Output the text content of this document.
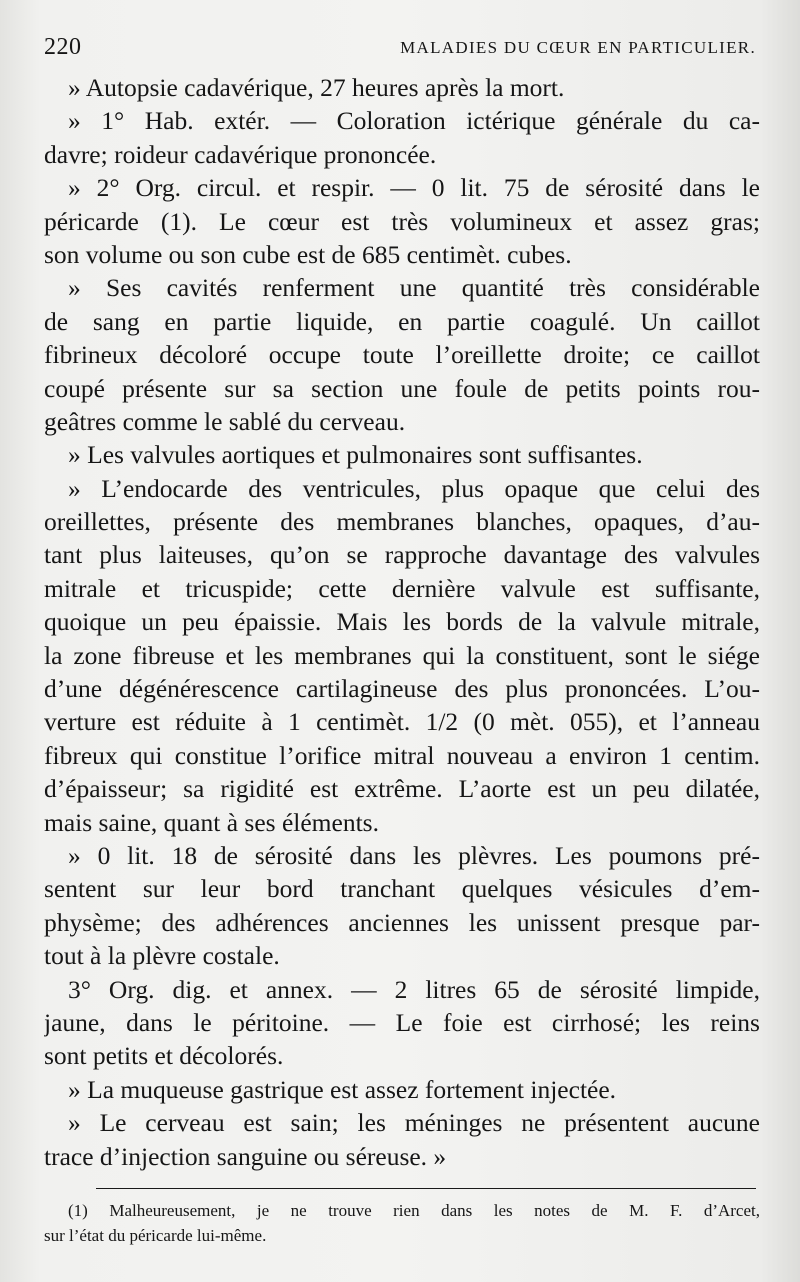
220	MALADIES DU CŒUR EN PARTICULIER.
» Autopsie cadavérique, 27 heures après la mort.
» 1° Hab. extér. — Coloration ictérique générale du ca-
davre; roideur cadavérique prononcée.
» 2° Org. circul. et respir. — 0 lit. 75 de sérosité dans le
péricarde (1). Le cœur est très volumineux et assez gras;
son volume ou son cube est de 685 centimèt. cubes.
» Ses cavités renferment une quantité très considérable
de sang en partie liquide, en partie coagulé. Un caillot
fibrineux décoloré occupe toute l’oreillette droite; ce caillot
coupé présente sur sa section une foule de petits points rou-
geâtres comme le sablé du cerveau.
» Les valvules aortiques et pulmonaires sont suffisantes.
» L’endocarde des ventricules, plus opaque que celui des
oreillettes, présente des membranes blanches, opaques, d’au-
tant plus laiteuses, qu’on se rapproche davantage des valvules
mitrale et tricuspide; cette dernière valvule est suffisante,
quoique un peu épaissie. Mais les bords de la valvule mitrale,
la zone fibreuse et les membranes qui la constituent, sont le siége
d’une dégénérescence cartilagineuse des plus prononcées. L’ou-
verture est réduite à 1 centimèt. 1/2 (0 mèt. 055), et l’anneau
fibreux qui constitue l’orifice mitral nouveau a environ 1 centim.
d’épaisseur; sa rigidité est extrême. L’aorte est un peu dilatée,
mais saine, quant à ses éléments.
» 0 lit. 18 de sérosité dans les plèvres. Les poumons pré-
sentent sur leur bord tranchant quelques vésicules d’em-
physème; des adhérences anciennes les unissent presque par-
tout à la plèvre costale.
3° Org. dig. et annex. — 2 litres 65 de sérosité limpide,
jaune, dans le péritoine. — Le foie est cirrhosé; les reins
sont petits et décolorés.
» La muqueuse gastrique est assez fortement injectée.
» Le cerveau est sain; les méninges ne présentent aucune
trace d’injection sanguine ou séreuse. »
(1) Malheureusement, je ne trouve rien dans les notes de M. F. d’Arcet,
sur l’état du péricarde lui-même.
